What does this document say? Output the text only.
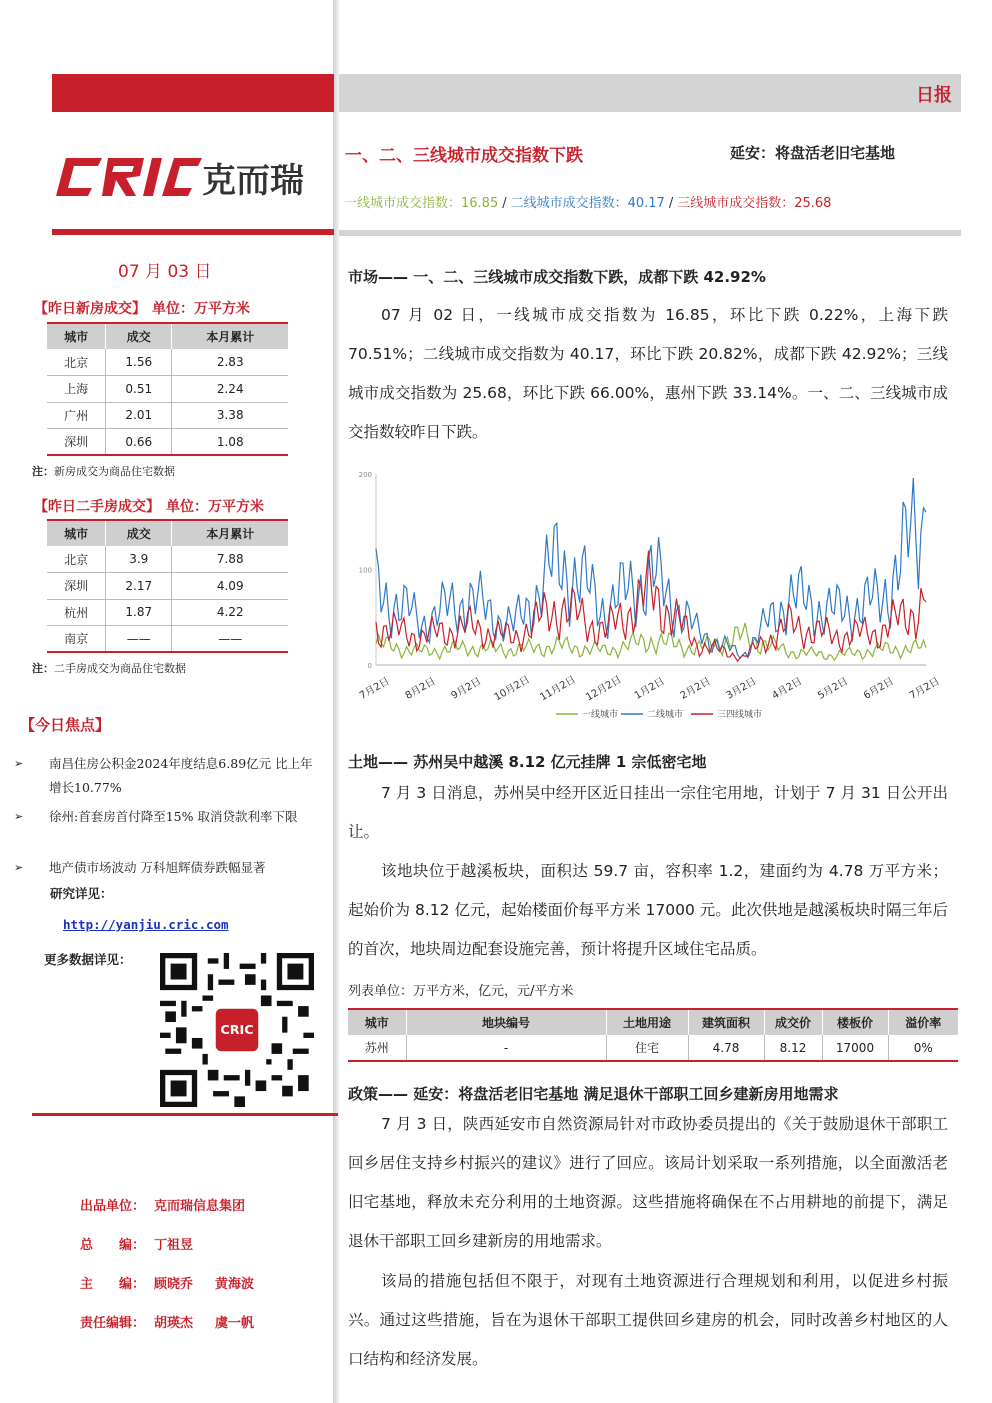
克而瑞
07 月 03 日
【昨日新房成交】 单位：万平方米
城市	成交	本月累计
北京	1.56	2.83
上海	0.51	2.24
广州	2.01	3.38
深圳	0.66	1.08
注：新房成交为商品住宅数据
【昨日二手房成交】 单位：万平方米
城市	成交	本月累计
北京	3.9	7.88
深圳	2.17	4.09
杭州	1.87	4.22
南京	——	——
注：二手房成交为商品住宅数据
【今日焦点】
➢	南昌住房公积金2024年度结息6.89亿元 比上年增长10.77%
➢	徐州:首套房首付降至15% 取消贷款利率下限
➢	地产债市场波动 万科旭辉债券跌幅显著
研究详见：
http://yanjiu.cric.com
更多数据详见：
CRIC
出品单位： 克而瑞信息集团
总　　编： 丁祖昱
主　　编： 顾晓乔 黄海波
责任编辑： 胡瑛杰 虞一帆
日报
一、二、三线城市成交指数下跌	延安：将盘活老旧宅基地
一线城市成交指数：16.85 / 二线城市成交指数：40.17 / 三线城市成交指数：25.68
市场—— 一、二、三线城市成交指数下跌，成都下跌 42.92%
07 月 02 日，一线城市成交指数为 16.85，环比下跌 0.22%，上海下跌 70.51%；二线城市成交指数为 40.17，环比下跌 20.82%，成都下跌 42.92%；三线城市成交指数为 25.68，环比下跌 66.00%，惠州下跌 33.14%。一、二、三线城市成交指数较昨日下跌。
7月2日 8月2日 9月2日 10月2日 11月2日 12月2日 1月2日 2月2日 3月2日 4月2日 5月2日 6月2日 7月2日
0
100
200
一线城市	二线城市	三四线城市
土地—— 苏州吴中越溪 8.12 亿元挂牌 1 宗低密宅地
7 月 3 日消息，苏州吴中经开区近日挂出一宗住宅用地，计划于 7 月 31 日公开出让。
该地块位于越溪板块，面积达 59.7 亩，容积率 1.2，建面约为 4.78 万平方米；起始价为 8.12 亿元，起始楼面价每平方米 17000 元。此次供地是越溪板块时隔三年后的首次，地块周边配套设施完善，预计将提升区域住宅品质。
列表单位：万平方米，亿元，元/平方米
城市	地块编号	土地用途	建筑面积	成交价	楼板价	溢价率
苏州	-	住宅	4.78	8.12	17000	0%
政策—— 延安：将盘活老旧宅基地 满足退休干部职工回乡建新房用地需求
7 月 3 日，陕西延安市自然资源局针对市政协委员提出的《关于鼓励退休干部职工回乡居住支持乡村振兴的建议》进行了回应。该局计划采取一系列措施，以全面激活老旧宅基地，释放未充分利用的土地资源。这些措施将确保在不占用耕地的前提下，满足退休干部职工回乡建新房的用地需求。
该局的措施包括但不限于，对现有土地资源进行合理规划和利用，以促进乡村振兴。通过这些措施，旨在为退休干部职工提供回乡建房的机会，同时改善乡村地区的人口结构和经济发展。
